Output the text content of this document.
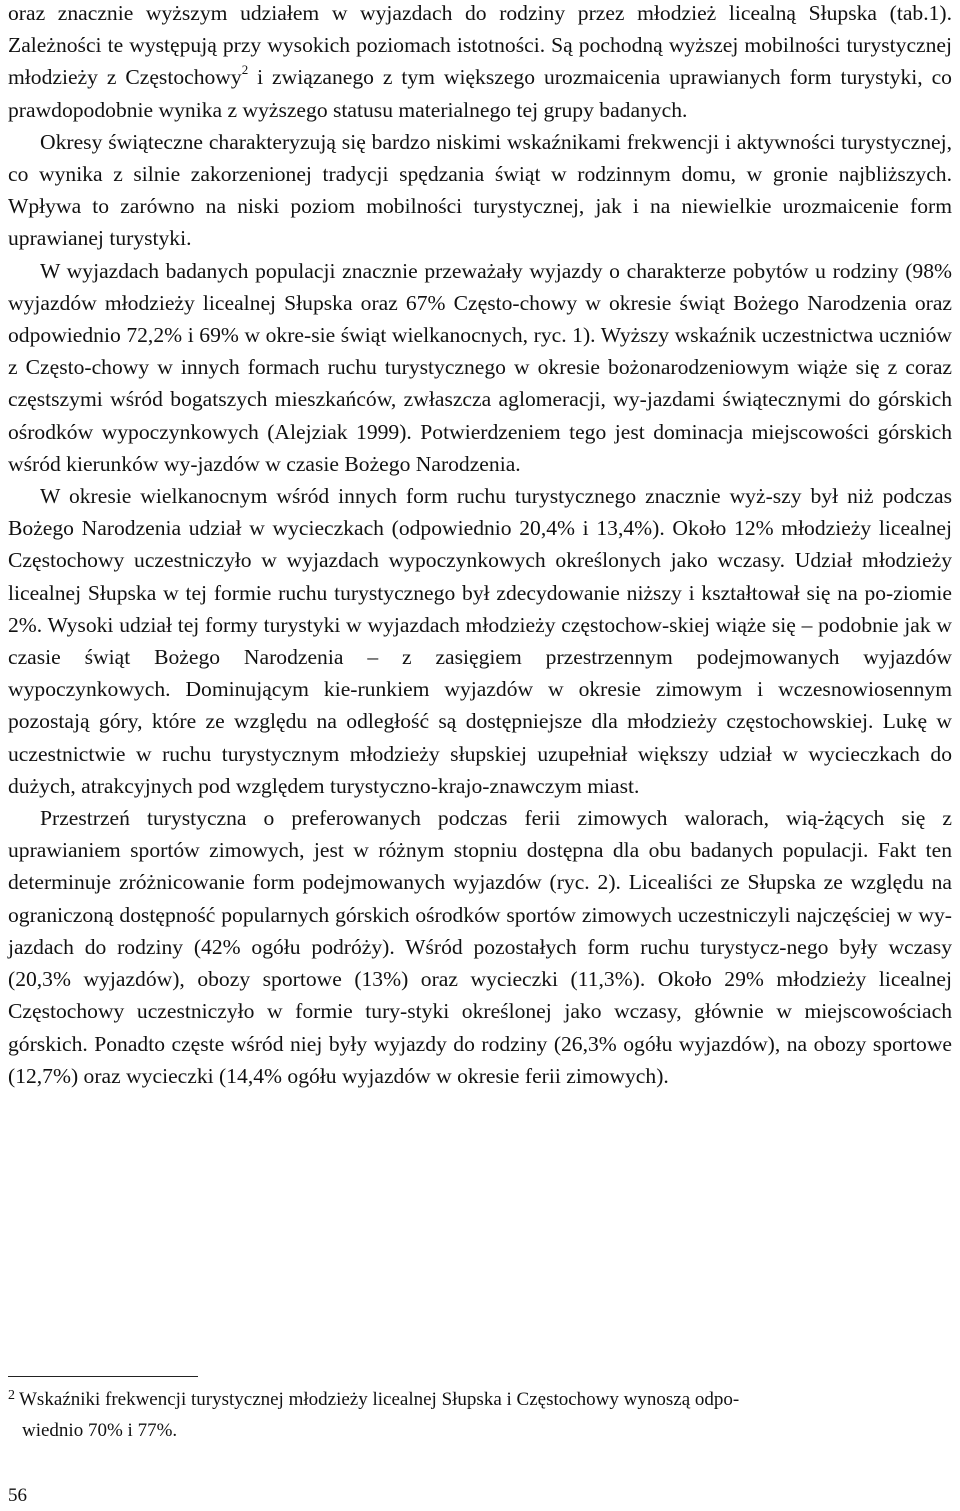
oraz znacznie wyższym udziałem w wyjazdach do rodziny przez młodzież licealną Słupska (tab.1). Zależności te występują przy wysokich poziomach istotności. Są pochodną wyższej mobilności turystycznej młodzieży z Częstochowy$^2$ i związanego z tym większego urozmaicenia uprawianych form turystyki, co prawdopodobnie wynika z wyższego statusu materialnego tej grupy badanych.

Okresy świąteczne charakteryzują się bardzo niskimi wskaźnikami frekwencji i aktywności turystycznej, co wynika z silnie zakorzenionej tradycji spędzania świąt w rodzinnym domu, w gronie najbliższych. Wpływa to zarówno na niski poziom mobilności turystycznej, jak i na niewielkie urozmaicenie form uprawianej turystyki.

W wyjazdach badanych populacji znacznie przeważały wyjazdy o charakterze pobytów u rodziny (98% wyjazdów młodzieży licealnej Słupska oraz 67% Często-chowy w okresie świąt Bożego Narodzenia oraz odpowiednio 72,2% i 69% w okre-sie świąt wielkanocnych, ryc. 1). Wyższy wskaźnik uczestnictwa uczniów z Często-chowy w innych formach ruchu turystycznego w okresie bożonarodzeniowym wiąże się z coraz częstszymi wśród bogatszych mieszkańców, zwłaszcza aglomeracji, wy-jazdami świątecznymi do górskich ośrodków wypoczynkowych (Alejziak 1999). Potwierdzeniem tego jest dominacja miejscowości górskich wśród kierunków wy-jazdów w czasie Bożego Narodzenia.

W okresie wielkanocnym wśród innych form ruchu turystycznego znacznie wyż-szy był niż podczas Bożego Narodzenia udział w wycieczkach (odpowiednio 20,4% i 13,4%). Około 12% młodzieży licealnej Częstochowy uczestniczyło w wyjazdach wypoczynkowych określonych jako wczasy. Udział młodzieży licealnej Słupska w tej formie ruchu turystycznego był zdecydowanie niższy i kształtował się na po-ziomie 2%. Wysoki udział tej formy turystyki w wyjazdach młodzieży częstochow-skiej wiąże się – podobnie jak w czasie świąt Bożego Narodzenia – z zasięgiem przestrzennym podejmowanych wyjazdów wypoczynkowych. Dominującym kie-runkiem wyjazdów w okresie zimowym i wczesnowiosennym pozostają góry, które ze względu na odległość są dostępniejsze dla młodzieży częstochowskiej. Lukę w uczestnictwie w ruchu turystycznym młodzieży słupskiej uzupełniał większy udział w wycieczkach do dużych, atrakcyjnych pod względem turystyczno-krajo-znawczym miast.

Przestrzeń turystyczna o preferowanych podczas ferii zimowych walorach, wią-żących się z uprawianiem sportów zimowych, jest w różnym stopniu dostępna dla obu badanych populacji. Fakt ten determinuje zróżnicowanie form podejmowanych wyjazdów (ryc. 2). Licealiści ze Słupska ze względu na ograniczoną dostępność popularnych górskich ośrodków sportów zimowych uczestniczyli najczęściej w wy-jazdach do rodziny (42% ogółu podróży). Wśród pozostałych form ruchu turystycz-nego były wczasy (20,3% wyjazdów), obozy sportowe (13%) oraz wycieczki (11,3%). Około 29% młodzieży licealnej Częstochowy uczestniczyło w formie tury-styki określonej jako wczasy, głównie w miejscowościach górskich. Ponadto częste wśród niej były wyjazdy do rodziny (26,3% ogółu wyjazdów), na obozy sportowe (12,7%) oraz wycieczki (14,4% ogółu wyjazdów w okresie ferii zimowych).

$^2$ Wskaźniki frekwencji turystycznej młodzieży licealnej Słupska i Częstochowy wynoszą odpo-
wiednio 70% i 77%.
56
